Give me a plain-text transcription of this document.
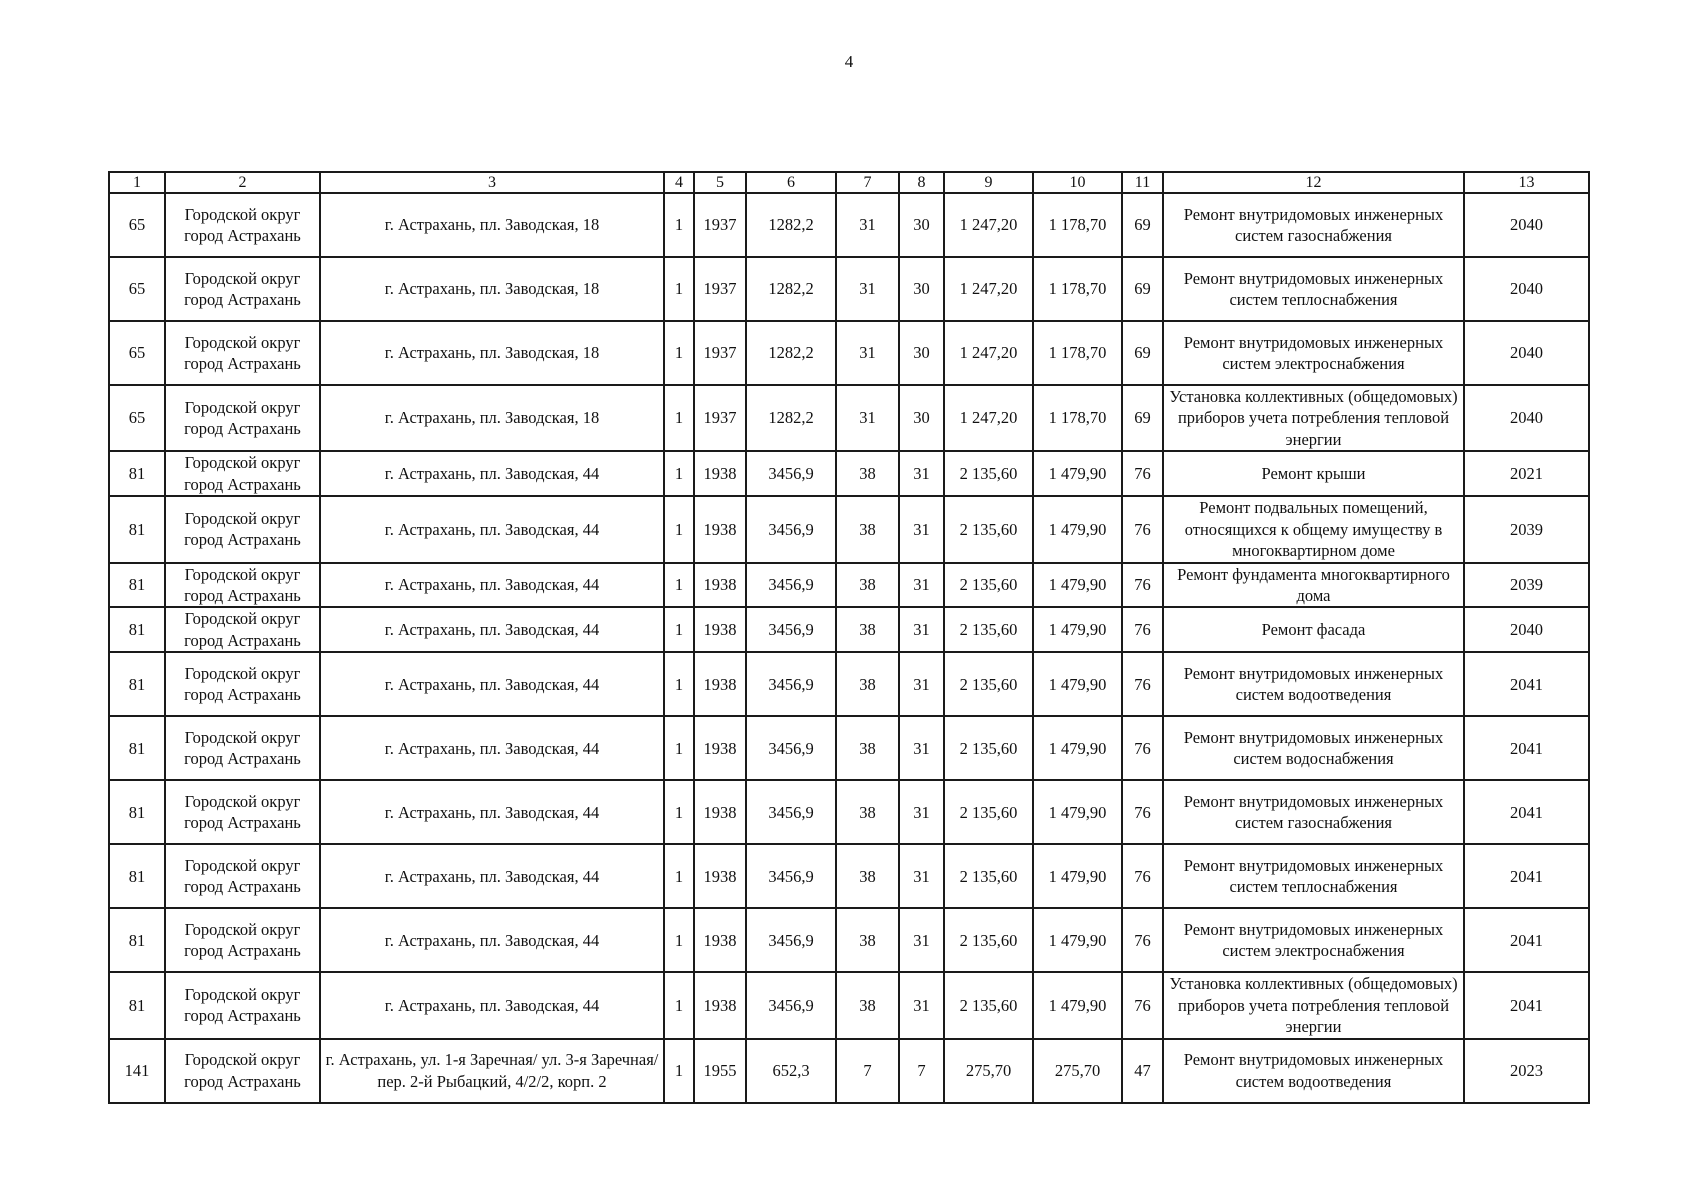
4
1	2	3	4	5	6	7	8	9	10	11	12	13
65	Городской округ город Астрахань	г. Астрахань, пл. Заводская, 18	1	1937	1282,2	31	30	1 247,20	1 178,70	69	Ремонт внутридомовых инженерных систем газоснабжения	2040
65	Городской округ город Астрахань	г. Астрахань, пл. Заводская, 18	1	1937	1282,2	31	30	1 247,20	1 178,70	69	Ремонт внутридомовых инженерных систем теплоснабжения	2040
65	Городской округ город Астрахань	г. Астрахань, пл. Заводская, 18	1	1937	1282,2	31	30	1 247,20	1 178,70	69	Ремонт внутридомовых инженерных систем электроснабжения	2040
65	Городской округ город Астрахань	г. Астрахань, пл. Заводская, 18	1	1937	1282,2	31	30	1 247,20	1 178,70	69	Установка коллективных (общедомовых) приборов учета потребления тепловой энергии	2040
81	Городской округ город Астрахань	г. Астрахань, пл. Заводская, 44	1	1938	3456,9	38	31	2 135,60	1 479,90	76	Ремонт крыши	2021
81	Городской округ город Астрахань	г. Астрахань, пл. Заводская, 44	1	1938	3456,9	38	31	2 135,60	1 479,90	76	Ремонт подвальных помещений, относящихся к общему имуществу в многоквартирном доме	2039
81	Городской округ город Астрахань	г. Астрахань, пл. Заводская, 44	1	1938	3456,9	38	31	2 135,60	1 479,90	76	Ремонт фундамента многоквартирного дома	2039
81	Городской округ город Астрахань	г. Астрахань, пл. Заводская, 44	1	1938	3456,9	38	31	2 135,60	1 479,90	76	Ремонт фасада	2040
81	Городской округ город Астрахань	г. Астрахань, пл. Заводская, 44	1	1938	3456,9	38	31	2 135,60	1 479,90	76	Ремонт внутридомовых инженерных систем водоотведения	2041
81	Городской округ город Астрахань	г. Астрахань, пл. Заводская, 44	1	1938	3456,9	38	31	2 135,60	1 479,90	76	Ремонт внутридомовых инженерных систем водоснабжения	2041
81	Городской округ город Астрахань	г. Астрахань, пл. Заводская, 44	1	1938	3456,9	38	31	2 135,60	1 479,90	76	Ремонт внутридомовых инженерных систем газоснабжения	2041
81	Городской округ город Астрахань	г. Астрахань, пл. Заводская, 44	1	1938	3456,9	38	31	2 135,60	1 479,90	76	Ремонт внутридомовых инженерных систем теплоснабжения	2041
81	Городской округ город Астрахань	г. Астрахань, пл. Заводская, 44	1	1938	3456,9	38	31	2 135,60	1 479,90	76	Ремонт внутридомовых инженерных систем электроснабжения	2041
81	Городской округ город Астрахань	г. Астрахань, пл. Заводская, 44	1	1938	3456,9	38	31	2 135,60	1 479,90	76	Установка коллективных (общедомовых) приборов учета потребления тепловой энергии	2041
141	Городской округ город Астрахань	г. Астрахань, ул. 1-я Заречная/ ул. 3-я Заречная/ пер. 2-й Рыбацкий, 4/2/2, корп. 2	1	1955	652,3	7	7	275,70	275,70	47	Ремонт внутридомовых инженерных систем водоотведения	2023
